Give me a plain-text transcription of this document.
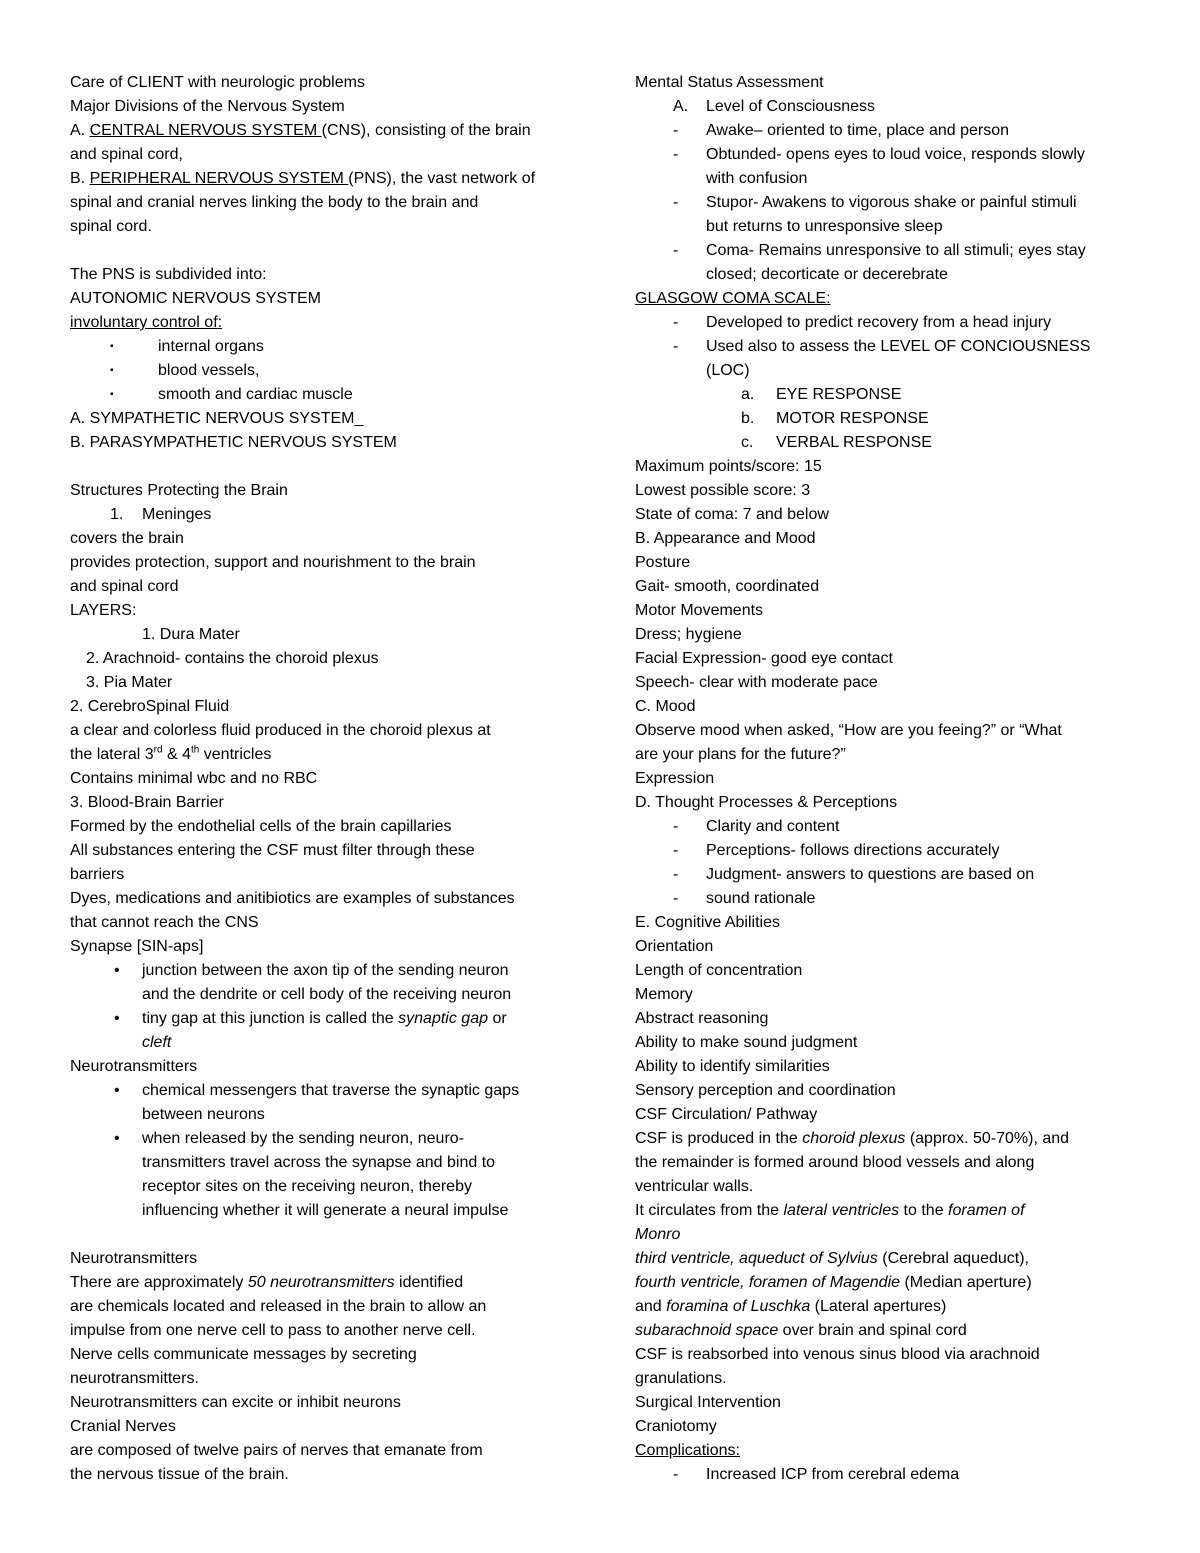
Care of CLIENT with neurologic problems
Major Divisions of the Nervous System
A. CENTRAL NERVOUS SYSTEM (CNS), consisting of the brain
and spinal cord,
B. PERIPHERAL NERVOUS SYSTEM (PNS), the vast network of
spinal and cranial nerves linking the body to the brain and
spinal cord.
The PNS is subdivided into:
AUTONOMIC NERVOUS SYSTEM
involuntary control of:
▪	internal organs
▪	blood vessels,
▪	smooth and cardiac muscle
A. SYMPATHETIC NERVOUS SYSTEM_
B. PARASYMPATHETIC NERVOUS SYSTEM
Structures Protecting the Brain
1. Meninges
covers the brain
provides protection, support and nourishment to the brain
and spinal cord
LAYERS:
1. Dura Mater
2. Arachnoid- contains the choroid plexus
3. Pia Mater
2. CerebroSpinal Fluid
a clear and colorless fluid produced in the choroid plexus at
the lateral 3rd & 4th ventricles
Contains minimal wbc and no RBC
3. Blood-Brain Barrier
Formed by the endothelial cells of the brain capillaries
All substances entering the CSF must filter through these
barriers
Dyes, medications and anitibiotics are examples of substances
that cannot reach the CNS
Synapse [SIN-aps]
• junction between the axon tip of the sending neuron
and the dendrite or cell body of the receiving neuron
• tiny gap at this junction is called the synaptic gap or
cleft
Neurotransmitters
• chemical messengers that traverse the synaptic gaps
between neurons
• when released by the sending neuron, neuro-
transmitters travel across the synapse and bind to
receptor sites on the receiving neuron, thereby
influencing whether it will generate a neural impulse
Neurotransmitters
There are approximately 50 neurotransmitters identified
are chemicals located and released in the brain to allow an
impulse from one nerve cell to pass to another nerve cell.
Nerve cells communicate messages by secreting
neurotransmitters.
Neurotransmitters can excite or inhibit neurons
Cranial Nerves
are composed of twelve pairs of nerves that emanate from
the nervous tissue of the brain.
Mental Status Assessment
A. Level of Consciousness
- Awake– oriented to time, place and person
- Obtunded- opens eyes to loud voice, responds slowly
with confusion
- Stupor- Awakens to vigorous shake or painful stimuli
but returns to unresponsive sleep
- Coma- Remains unresponsive to all stimuli; eyes stay
closed; decorticate or decerebrate
GLASGOW COMA SCALE:
- Developed to predict recovery from a head injury
- Used also to assess the LEVEL OF CONCIOUSNESS
(LOC)
a. EYE RESPONSE
b. MOTOR RESPONSE
c. VERBAL RESPONSE
Maximum points/score: 15
Lowest possible score: 3
State of coma: 7 and below
B. Appearance and Mood
Posture
Gait- smooth, coordinated
Motor Movements
Dress; hygiene
Facial Expression- good eye contact
Speech- clear with moderate pace
C. Mood
Observe mood when asked, “How are you feeing?” or “What
are your plans for the future?”
Expression
D. Thought Processes & Perceptions
- Clarity and content
- Perceptions- follows directions accurately
- Judgment- answers to questions are based on
- sound rationale
E. Cognitive Abilities
Orientation
Length of concentration
Memory
Abstract reasoning
Ability to make sound judgment
Ability to identify similarities
Sensory perception and coordination
CSF Circulation/ Pathway
CSF is produced in the choroid plexus (approx. 50-70%), and
the remainder is formed around blood vessels and along
ventricular walls.
It circulates from the lateral ventricles to the foramen of
Monro
third ventricle, aqueduct of Sylvius (Cerebral aqueduct),
fourth ventricle, foramen of Magendie (Median aperture)
and foramina of Luschka (Lateral apertures)
subarachnoid space over brain and spinal cord
CSF is reabsorbed into venous sinus blood via arachnoid
granulations.
Surgical Intervention
Craniotomy
Complications:
- Increased ICP from cerebral edema
